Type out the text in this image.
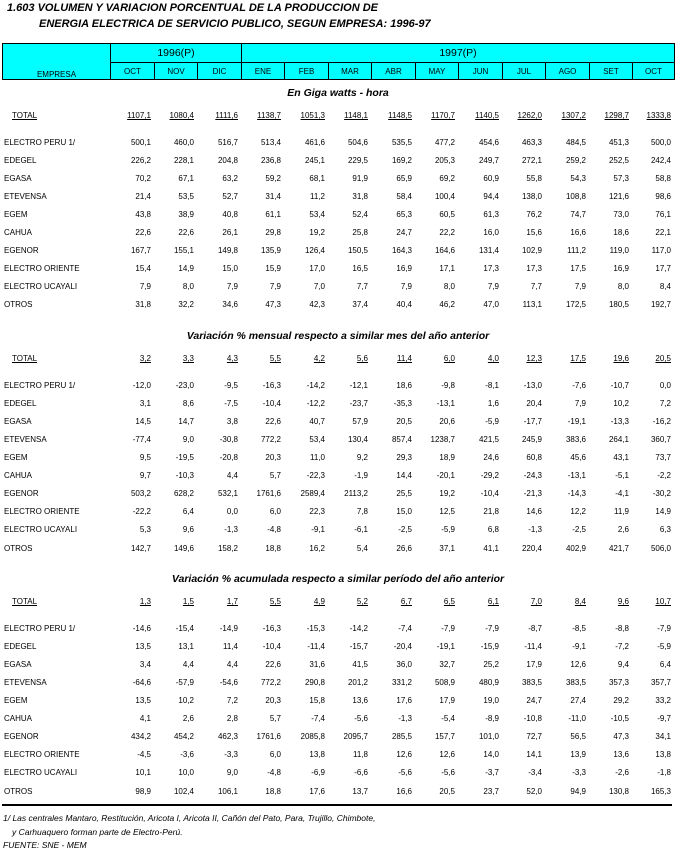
1.603 VOLUMEN Y VARIACION PORCENTUAL DE LA PRODUCCION DE
ENERGIA ELECTRICA DE SERVICIO PUBLICO, SEGUN EMPRESA: 1996-97
EMPRESA	1996(P)			1997(P)									
	OCT	NOV	DIC	ENE	FEB	MAR	ABR	MAY	JUN	JUL	AGO	SET	OCT
En Giga watts - hora													
TOTAL	1107,1	1080,4	1111,6	1138,7	1051,3	1148,1	1148,5	1170,7	1140,5	1262,0	1307,2	1298,7	1333,8

ELECTRO PERU 1/	500,1	460,0	516,7	513,4	461,6	504,6	535,5	477,2	454,6	463,3	484,5	451,3	500,0
EDEGEL	226,2	228,1	204,8	236,8	245,1	229,5	169,2	205,3	249,7	272,1	259,2	252,5	242,4
EGASA	70,2	67,1	63,2	59,2	68,1	91,9	65,9	69,2	60,9	55,8	54,3	57,3	58,8
ETEVENSA	21,4	53,5	52,7	31,4	11,2	31,8	58,4	100,4	94,4	138,0	108,8	121,6	98,6
EGEM	43,8	38,9	40,8	61,1	53,4	52,4	65,3	60,5	61,3	76,2	74,7	73,0	76,1
CAHUA	22,6	22,6	26,1	29,8	19,2	25,8	24,7	22,2	16,0	15,6	16,6	18,6	22,1
EGENOR	167,7	155,1	149,8	135,9	126,4	150,5	164,3	164,6	131,4	102,9	111,2	119,0	117,0
ELECTRO ORIENTE	15,4	14,9	15,0	15,9	17,0	16,5	16,9	17,1	17,3	17,3	17,5	16,9	17,7
ELECTRO UCAYALI	7,9	8,0	7,9	7,9	7,0	7,7	7,9	8,0	7,9	7,7	7,9	8,0	8,4
OTROS	31,8	32,2	34,6	47,3	42,3	37,4	40,4	46,2	47,0	113,1	172,5	180,5	192,7

Variación % mensual respecto a similar mes del año anterior													
TOTAL	3,2	3,3	4,3	5,5	4,2	5,6	11,4	6,0	4,0	12,3	17,5	19,6	20,5

ELECTRO PERU 1/	-12,0	-23,0	-9,5	-16,3	-14,2	-12,1	18,6	-9,8	-8,1	-13,0	-7,6	-10,7	0,0
EDEGEL	3,1	8,6	-7,5	-10,4	-12,2	-23,7	-35,3	-13,1	1,6	20,4	7,9	10,2	7,2
EGASA	14,5	14,7	3,8	22,6	40,7	57,9	20,5	20,6	-5,9	-17,7	-19,1	-13,3	-16,2
ETEVENSA	-77,4	9,0	-30,8	772,2	53,4	130,4	857,4	1238,7	421,5	245,9	383,6	264,1	360,7
EGEM	9,5	-19,5	-20,8	20,3	11,0	9,2	29,3	18,9	24,6	60,8	45,6	43,1	73,7
CAHUA	9,7	-10,3	4,4	5,7	-22,3	-1,9	14,4	-20,1	-29,2	-24,3	-13,1	-5,1	-2,2
EGENOR	503,2	628,2	532,1	1761,6	2589,4	2113,2	25,5	19,2	-10,4	-21,3	-14,3	-4,1	-30,2
ELECTRO ORIENTE	-22,2	6,4	0,0	6,0	22,3	7,8	15,0	12,5	21,8	14,6	12,2	11,9	14,9
ELECTRO UCAYALI	5,3	9,6	-1,3	-4,8	-9,1	-6,1	-2,5	-5,9	6,8	-1,3	-2,5	2,6	6,3
OTROS	142,7	149,6	158,2	18,8	16,2	5,4	26,6	37,1	41,1	220,4	402,9	421,7	506,0

Variación % acumulada respecto a similar período del año anterior													
TOTAL	1,3	1,5	1,7	5,5	4,9	5,2	6,7	6,5	6,1	7,0	8,4	9,6	10,7

ELECTRO PERU 1/	-14,6	-15,4	-14,9	-16,3	-15,3	-14,2	-7,4	-7,9	-7,9	-8,7	-8,5	-8,8	-7,9
EDEGEL	13,5	13,1	11,4	-10,4	-11,4	-15,7	-20,4	-19,1	-15,9	-11,4	-9,1	-7,2	-5,9
EGASA	3,4	4,4	4,4	22,6	31,6	41,5	36,0	32,7	25,2	17,9	12,6	9,4	6,4
ETEVENSA	-64,6	-57,9	-54,6	772,2	290,8	201,2	331,2	508,9	480,9	383,5	383,5	357,3	357,7
EGEM	13,5	10,2	7,2	20,3	15,8	13,6	17,6	17,9	19,0	24,7	27,4	29,2	33,2
CAHUA	4,1	2,6	2,8	5,7	-7,4	-5,6	-1,3	-5,4	-8,9	-10,8	-11,0	-10,5	-9,7
EGENOR	434,2	454,2	462,3	1761,6	2085,8	2095,7	285,5	157,7	101,0	72,7	56,5	47,3	34,1
ELECTRO ORIENTE	-4,5	-3,6	-3,3	6,0	13,8	11,8	12,6	12,6	14,0	14,1	13,9	13,6	13,8
ELECTRO UCAYALI	10,1	10,0	9,0	-4,8	-6,9	-6,6	-5,6	-5,6	-3,7	-3,4	-3,3	-2,6	-1,8
OTROS	98,9	102,4	106,1	18,8	17,6	13,7	16,6	20,5	23,7	52,0	94,9	130,8	165,3
1/ Las centrales Mantaro, Restitución, Aricota I, Aricota II, Cañón del Pato, Para, Trujillo, Chimbote,
y Carhuaquero forman parte de Electro-Perú.
FUENTE: SNE - MEM
